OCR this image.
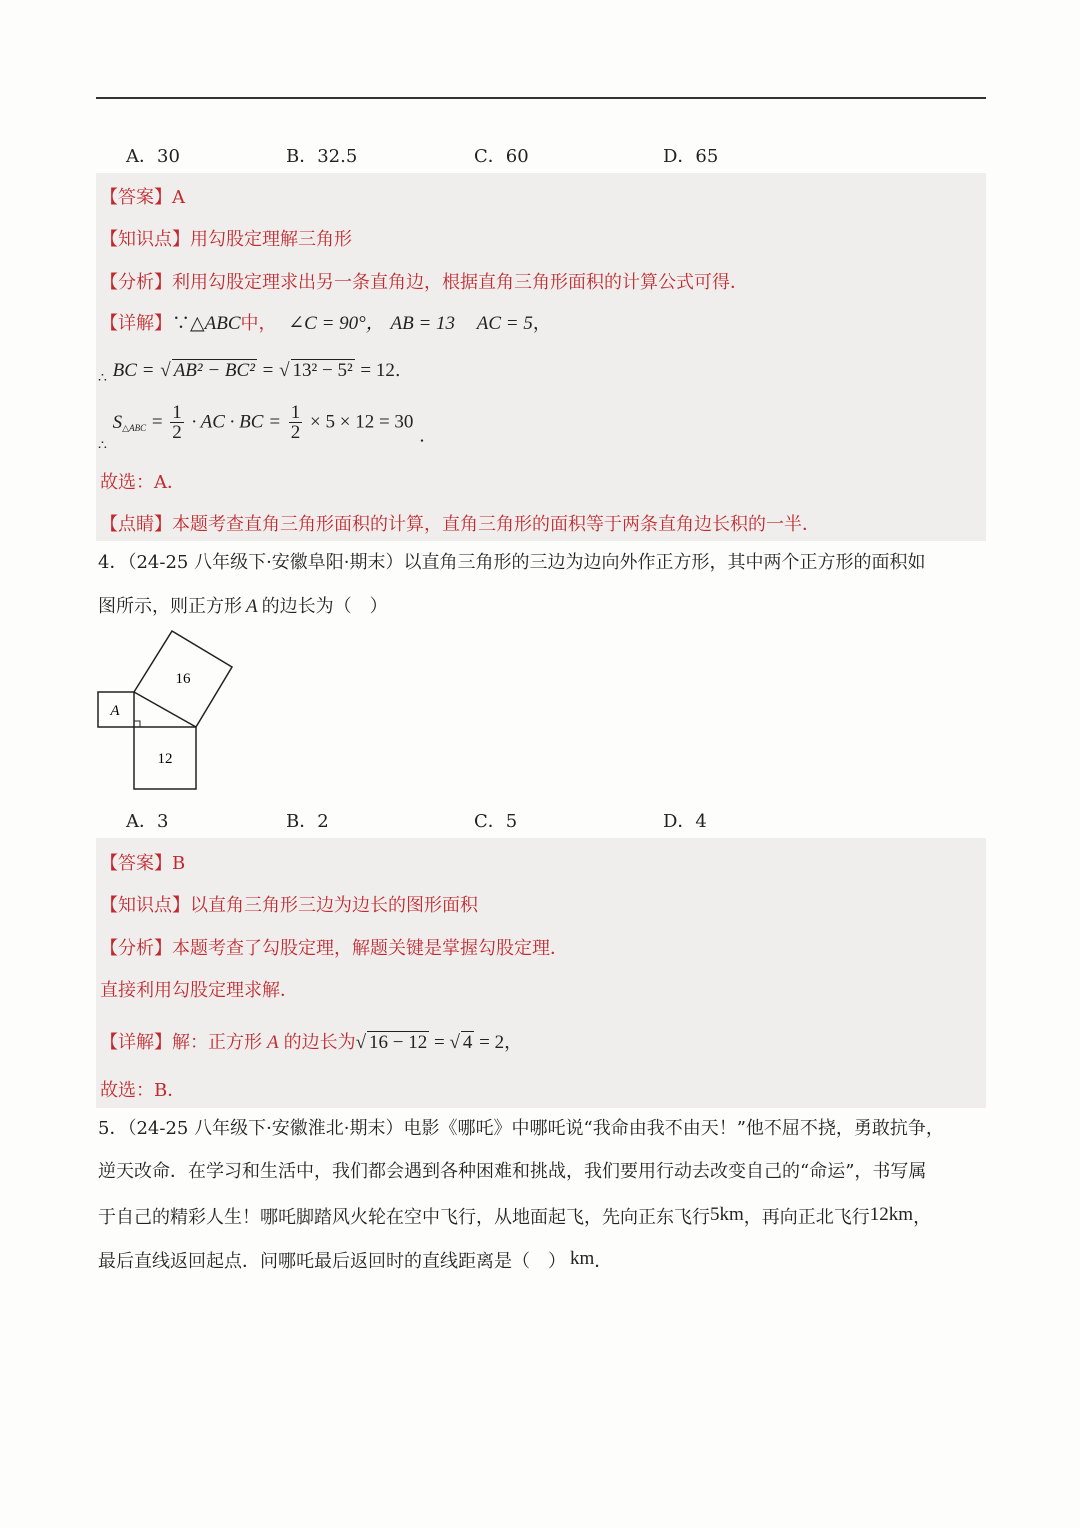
A．30	B．32.5	C．60	D．65
【答案】A
【知识点】用勾股定理解三角形
【分析】利用勾股定理求出另一条直角边，根据直角三角形面积的计算公式可得．
【详解】∵△ABC中， ∠C = 90°， AB = 13 AC = 5，
$_\therefore$ BC = √ AB² − BC² = √ 13² − 5² = 12.
$_\therefore$ S△ABC = $\frac{1}{2}$ · AC · BC = $\frac{1}{2} \times 5 \times 12 = 30$ .
故选：A．
【点睛】本题考查直角三角形面积的计算，直角三角形的面积等于两条直角边长积的一半．
4．（24-25 八年级下·安徽阜阳·期末）以直角三角形的三边为边向外作正方形，其中两个正方形的面积如
图所示，则正方形 A 的边长为（　）
A
16
12
A．3	B．2	C．5	D．4
【答案】B
【知识点】以直角三角形三边为边长的图形面积
【分析】本题考查了勾股定理，解题关键是掌握勾股定理．
直接利用勾股定理求解．
【详解】解：正方形 A 的边长为√ 16 − 12 = √ 4 = 2，
故选：B．
5．（24-25 八年级下·安徽淮北·期末）电影《哪吒》中哪吒说“我命由我不由天！”他不屈不挠，勇敢抗争，
逆天改命．在学习和生活中，我们都会遇到各种困难和挑战，我们要用行动去改变自己的“命运”，书写属
于自己的精彩人生！哪吒脚踏风火轮在空中飞行，从地面起飞，先向正东飞行5km，再向正北飞行12km，
最后直线返回起点．问哪吒最后返回时的直线距离是（　） km．
